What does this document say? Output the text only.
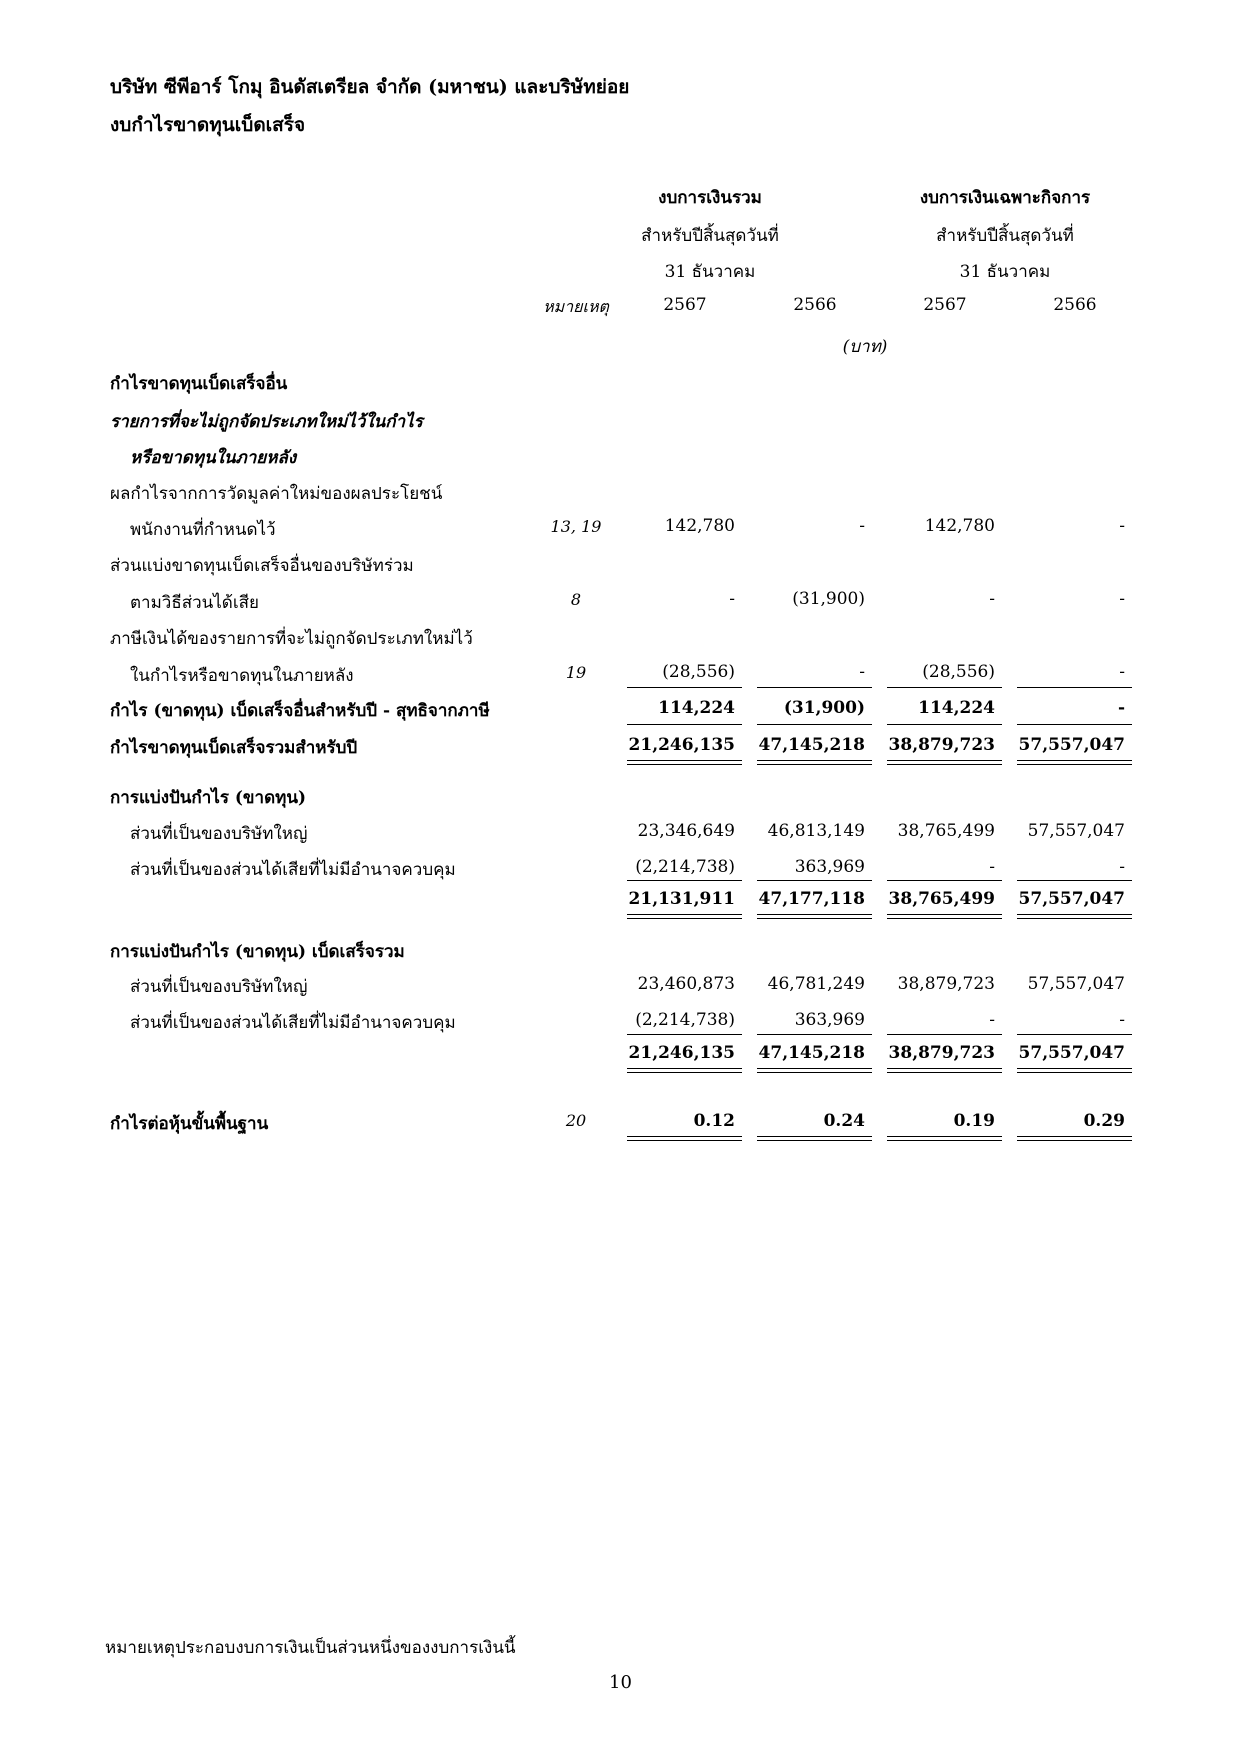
บริษัท ซีพีอาร์ โกมุ อินดัสเตรียล จำกัด (มหาชน) และบริษัทย่อย
งบกำไรขาดทุนเบ็ดเสร็จ
งบการเงินรวม	งบการเงินเฉพาะกิจการ
สำหรับปีสิ้นสุดวันที่	สำหรับปีสิ้นสุดวันที่
31 ธันวาคม	31 ธันวาคม
หมายเหตุ	2567	2566	2567	2566
(บาท)
กำไรขาดทุนเบ็ดเสร็จอื่น
รายการที่จะไม่ถูกจัดประเภทใหม่ไว้ในกำไร
หรือขาดทุนในภายหลัง
ผลกำไรจากการวัดมูลค่าใหม่ของผลประโยชน์
พนักงานที่กำหนดไว้	13, 19	142,780	-	142,780	-
ส่วนแบ่งขาดทุนเบ็ดเสร็จอื่นของบริษัทร่วม
ตามวิธีส่วนได้เสีย	8	-	(31,900)	-	-
ภาษีเงินได้ของรายการที่จะไม่ถูกจัดประเภทใหม่ไว้
ในกำไรหรือขาดทุนในภายหลัง	19	(28,556)	-	(28,556)	-
กำไร (ขาดทุน) เบ็ดเสร็จอื่นสำหรับปี - สุทธิจากภาษี	114,224	(31,900)	114,224	-
กำไรขาดทุนเบ็ดเสร็จรวมสำหรับปี	21,246,135	47,145,218	38,879,723	57,557,047
การแบ่งปันกำไร (ขาดทุน)
ส่วนที่เป็นของบริษัทใหญ่	23,346,649	46,813,149	38,765,499	57,557,047
ส่วนที่เป็นของส่วนได้เสียที่ไม่มีอำนาจควบคุม	(2,214,738)	363,969	-	-
21,131,911	47,177,118	38,765,499	57,557,047
การแบ่งปันกำไร (ขาดทุน) เบ็ดเสร็จรวม
ส่วนที่เป็นของบริษัทใหญ่	23,460,873	46,781,249	38,879,723	57,557,047
ส่วนที่เป็นของส่วนได้เสียที่ไม่มีอำนาจควบคุม	(2,214,738)	363,969	-	-
21,246,135	47,145,218	38,879,723	57,557,047
กำไรต่อหุ้นขั้นพื้นฐาน	20	0.12	0.24	0.19	0.29
หมายเหตุประกอบงบการเงินเป็นส่วนหนึ่งของงบการเงินนี้
10
